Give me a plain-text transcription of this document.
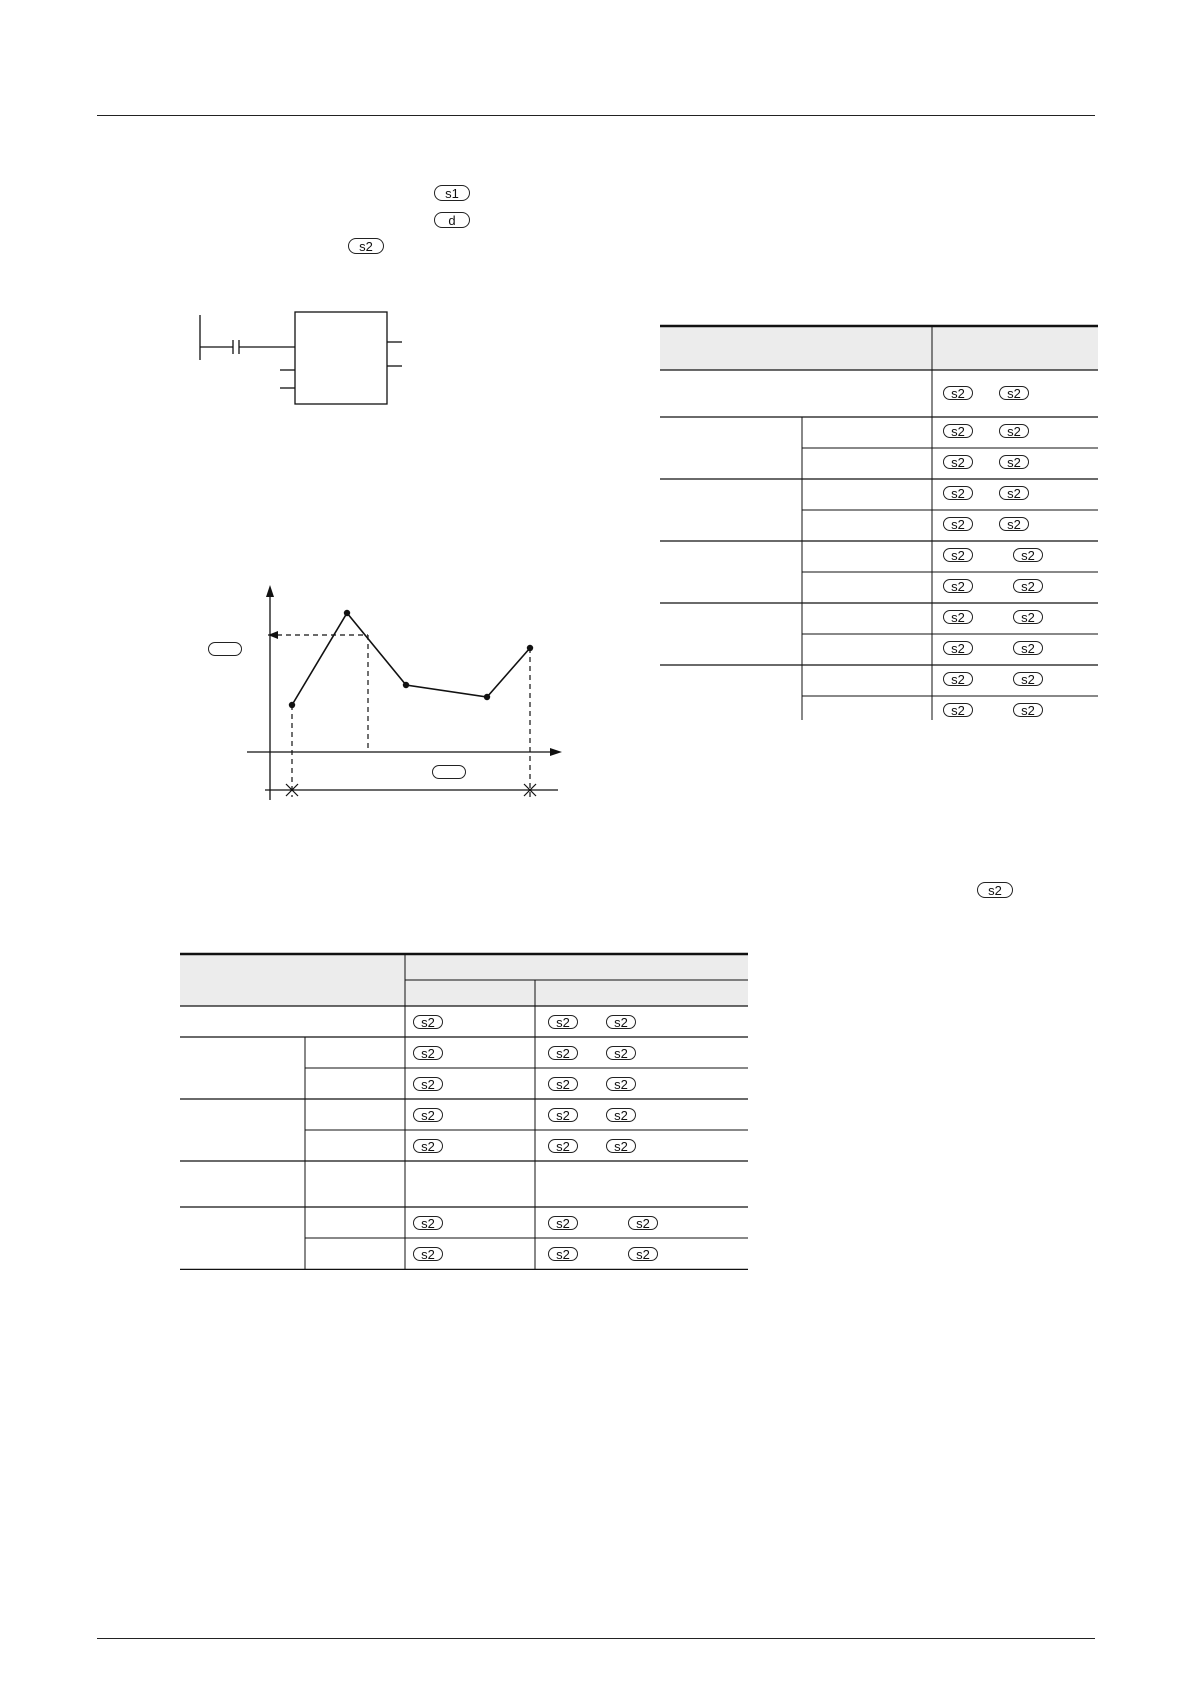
s1
d
s2
s2	s2
s2	s2
s2	s2
s2	s2
s2	s2
s2	s2
s2	s2
s2	s2
s2	s2
s2	s2
s2	s2
s2
s2	s2	s2
s2	s2	s2
s2	s2	s2
s2	s2	s2
s2	s2	s2
s2	s2	s2
s2	s2	s2
